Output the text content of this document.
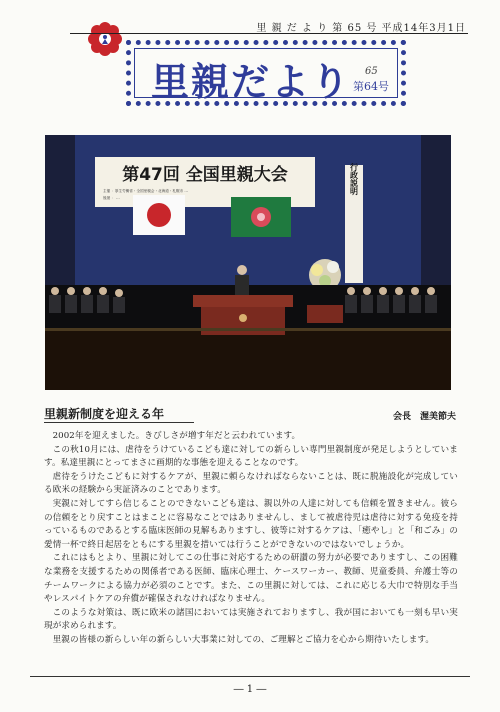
里 親 だ よ り 第 65 号 平成14年3月1日
里親だより 65
第64号
第47回 全国里親大会
主催 ：厚生労働省・全国里親会・北海道・札幌市 …
後援 ： …
行政説明
里親新制度を迎える年	会長　渥美節夫

2002年を迎えました。きびしさが増す年だと云われています。

この秋10月には、虐待をうけているこども達に対しての新らしい専門里親制度が発足しようとしています。私達里親にとってまさに画期的な事態を迎えることなのです。

虐待をうけたこどもに対するケアが、里親に頼らなければならないことは、既に脱施設化が完成している欧米の経験から実証済みのことであります。

実親に対してすら信じることのできないこども達は、親以外の人達に対しても信頼を置きません。彼らの信頼をとり戻すことはまことに容易なことではありませんし、まして被虐待児は虐待に対する免疫を持っているものであるとする臨床医師の見解もありますし、彼等に対するケアは、「癒やし」と「和ごみ」の愛情一杯で終日起居をともにする里親を措いては行うことができないのではないでしょうか。

これにはもとより、里親に対してこの仕事に対応するための研讃の努力が必要でありますし、この困難な業務を支援するための関係者である医師、臨床心理士、ケースワーカー、教師、児童委員、弁護士等のチームワークによる協力が必須のことです。また、この里親に対しては、これに応じる大巾で特別な手当やレスパイトケアの弁償が確保されなければなりません。

このような対策は、既に欧米の諸国においては実施されておりますし、我が国においても一刻も早い実現が求められます。

里親の皆様の新らしい年の新らしい大事業に対しての、ご理解とご協力を心から期待いたします。

― 1 ―
